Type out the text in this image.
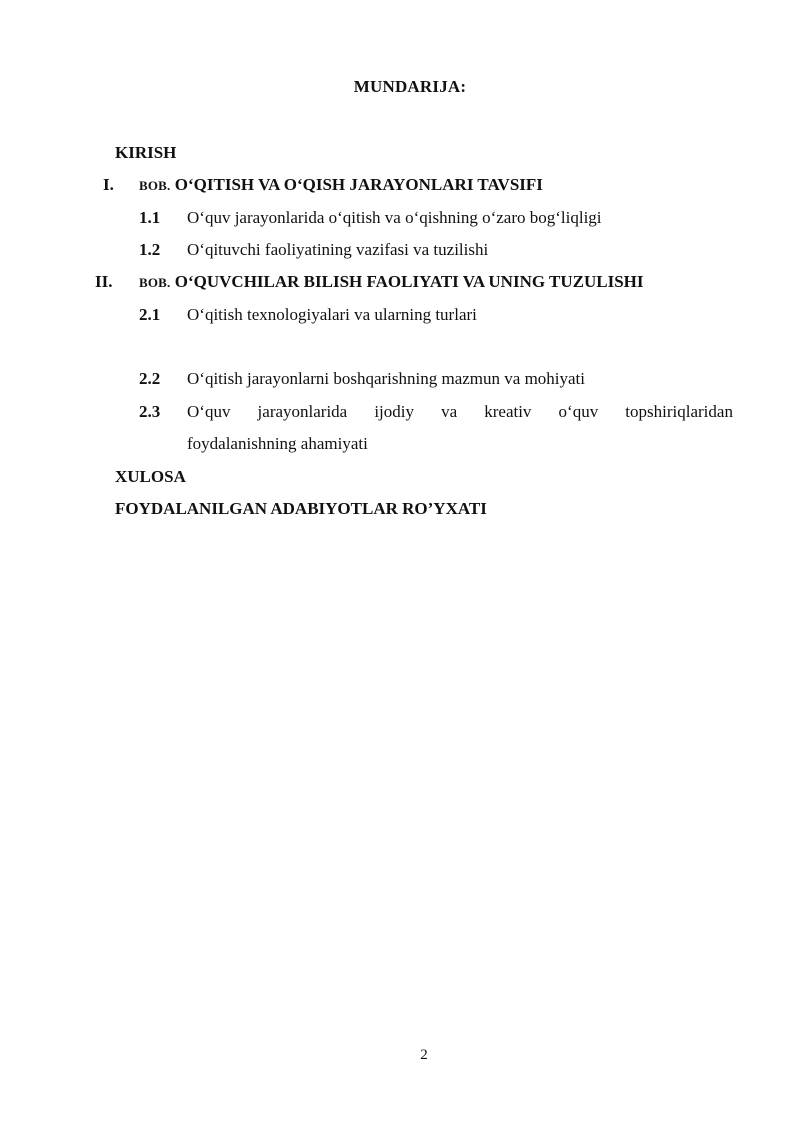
MUNDARIJA:
KIRISH
I. BOB. O‘QITISH VA O‘QISH JARAYONLARI TAVSIFI
1.1 O‘quv jarayonlarida o‘qitish va o‘qishning o‘zaro bog‘liqligi
1.2 O‘qituvchi faoliyatining vazifasi va tuzilishi
II. BOB. O‘QUVCHILAR BILISH FAOLIYATI VA UNING TUZULISHI
2.1 O‘qitish texnologiyalari va ularning turlari
2.2 O‘qitish jarayonlarni boshqarishning mazmun va mohiyati
2.3 O‘quv jarayonlarida ijodiy va kreativ o‘quv topshiriqlaridan
foydalanishning ahamiyati
XULOSA
FOYDALANILGAN ADABIYOTLAR RO’YXATI
2
